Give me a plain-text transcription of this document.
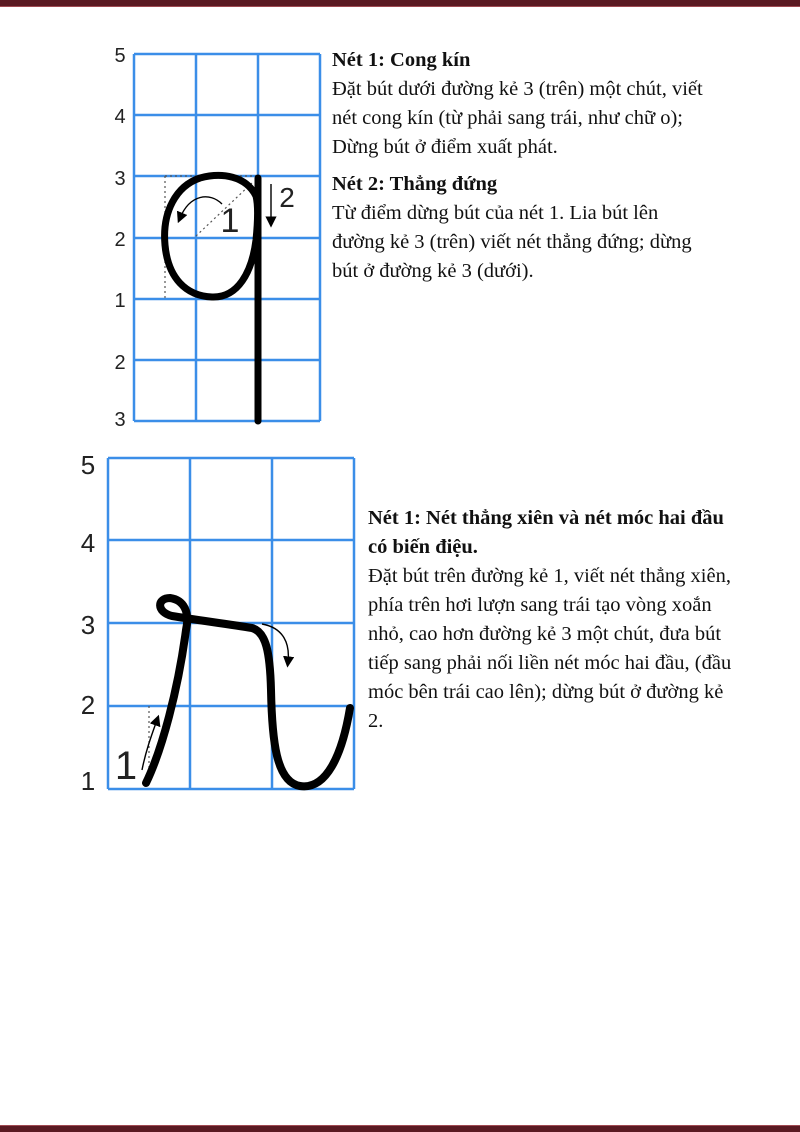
5
4
3
2
1
2
3
1
2
5
4
3
2
1 1
Nét 1: Cong kín

Đặt bút dưới đường kẻ 3 (trên) một chút, viết nét cong kín (từ phải sang trái, như chữ o); Dừng bút ở điểm xuất phát.

Nét 2: Thẳng đứng

Từ điểm dừng bút của nét 1. Lia bút lên đường kẻ 3 (trên) viết nét thẳng đứng; dừng bút ở đường kẻ 3 (dưới).

Nét 1: Nét thẳng xiên và nét móc hai đầu có biến điệu.

Đặt bút trên đường kẻ 1, viết nét thẳng xiên, phía trên hơi lượn sang trái tạo vòng xoắn nhỏ, cao hơn đường kẻ 3 một chút, đưa bút tiếp sang phải nối liền nét móc hai đầu, (đầu móc bên trái cao lên); dừng bút ở đường kẻ 2.
